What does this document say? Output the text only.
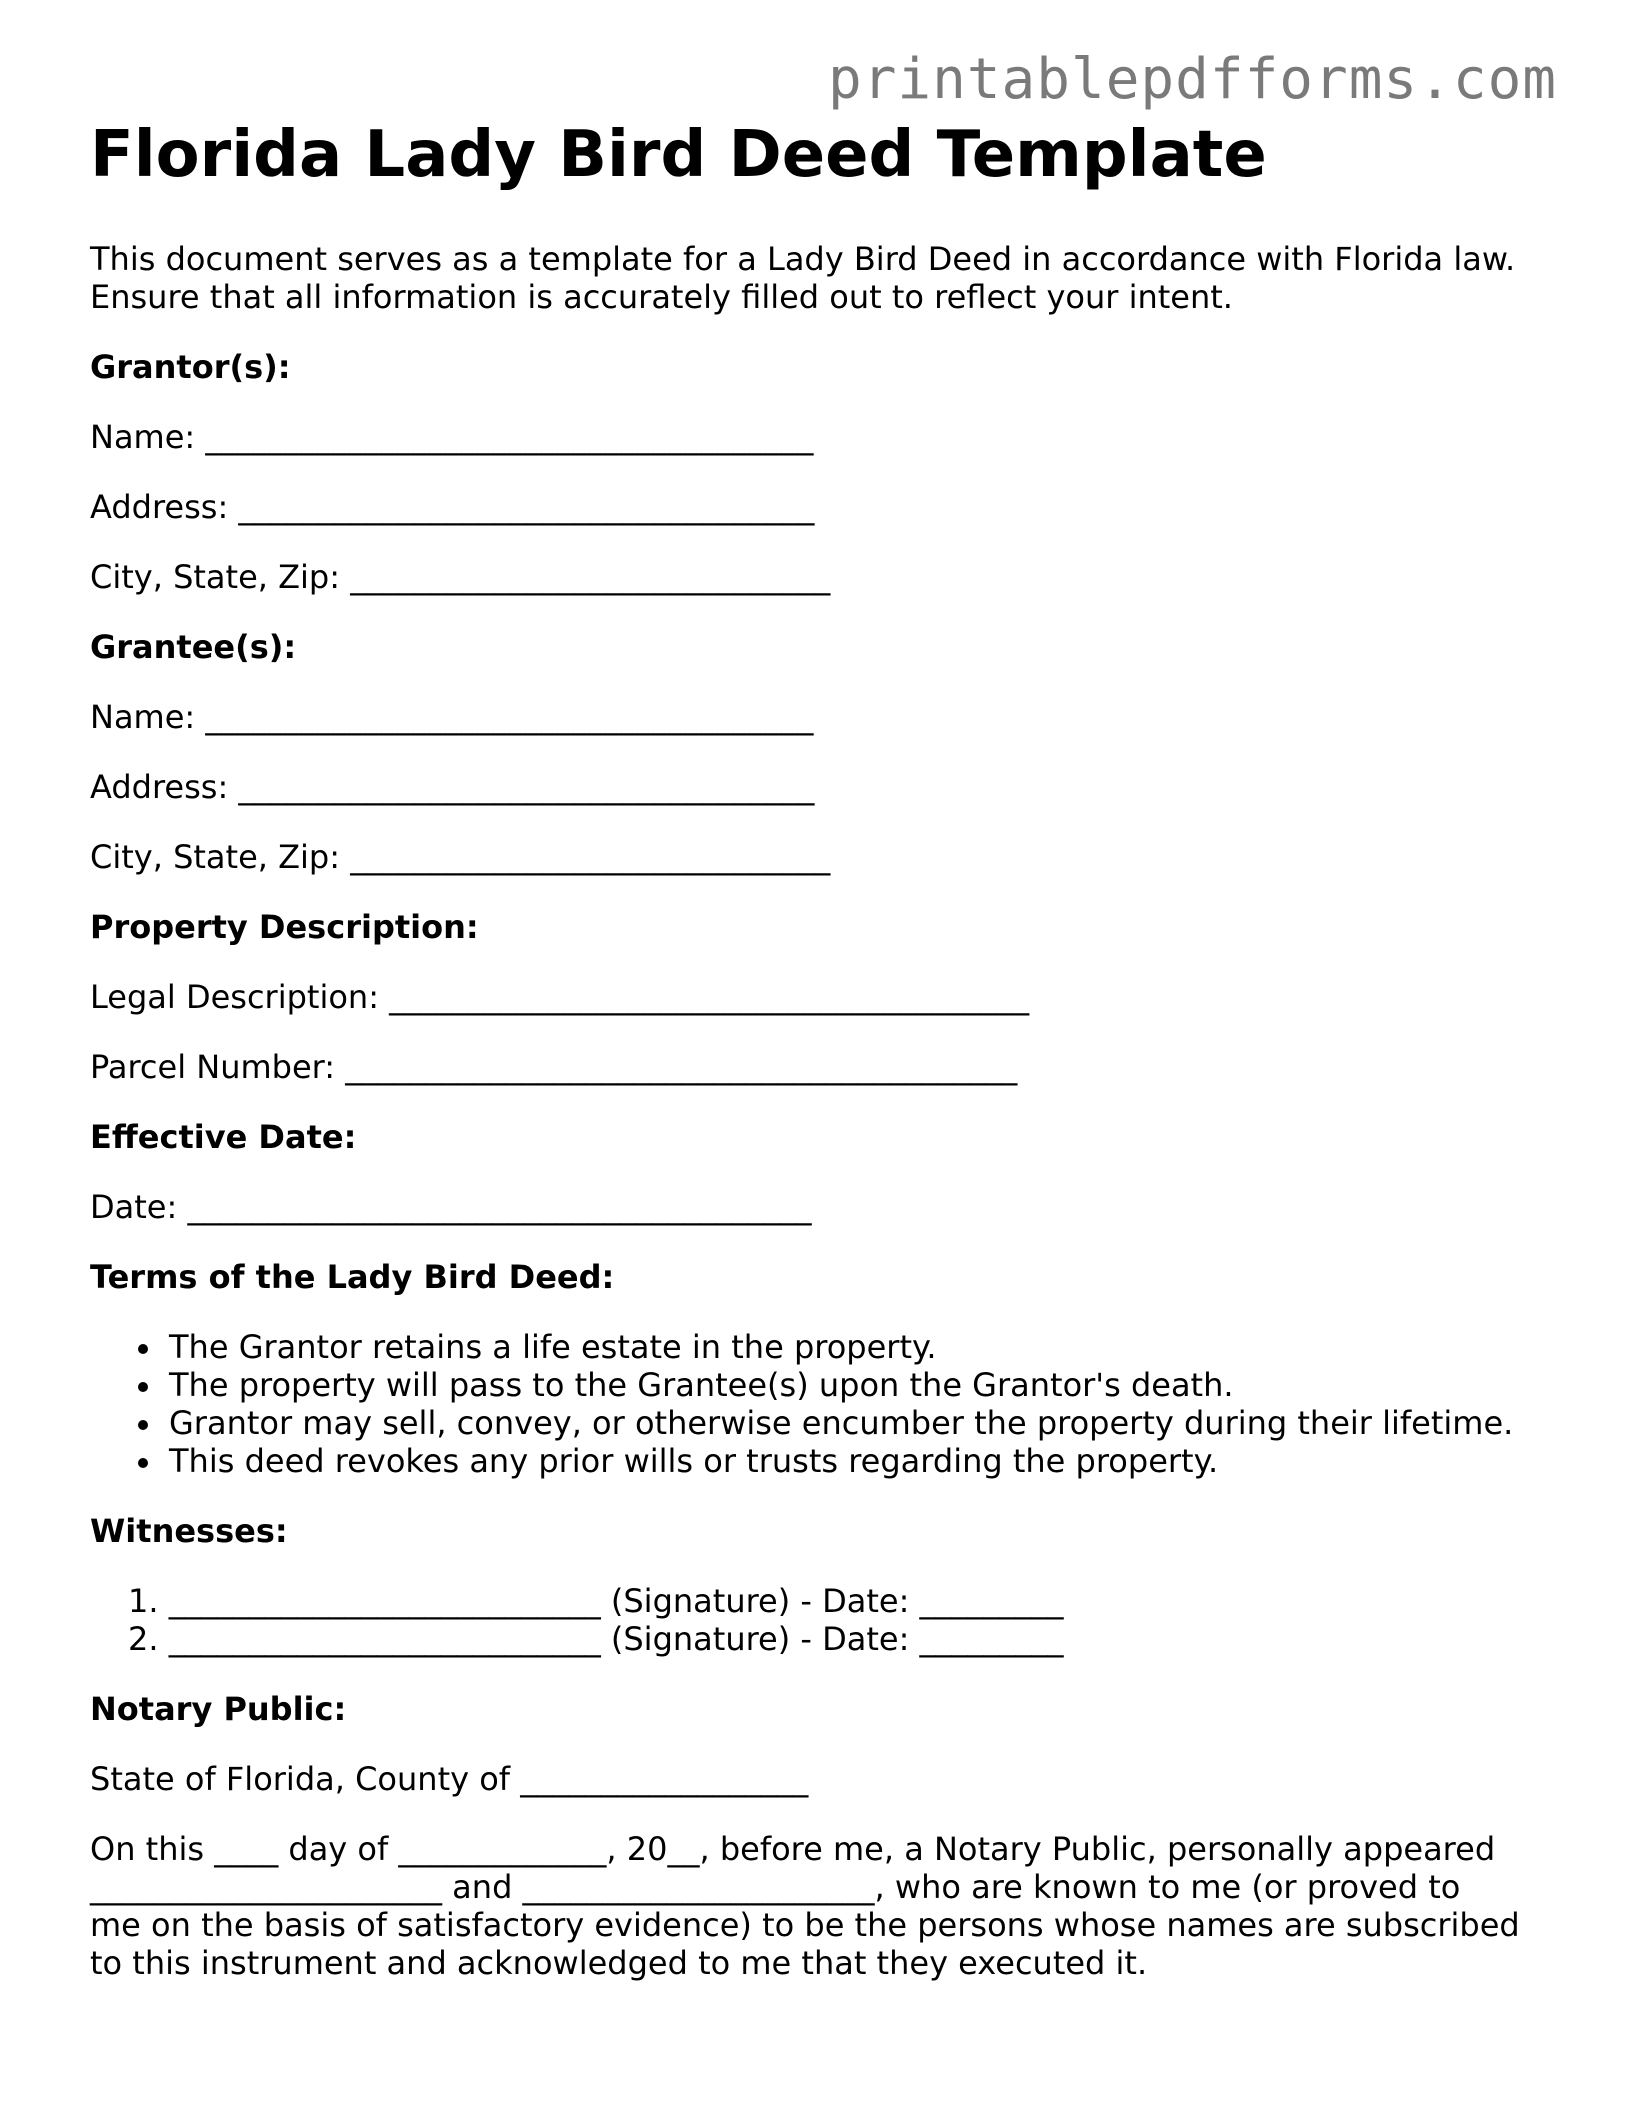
printablepdfforms.com
Florida Lady Bird Deed Template
This document serves as a template for a Lady Bird Deed in accordance with Florida law.
Ensure that all information is accurately filled out to reflect your intent.
Grantor(s):
Name: ______________________________________
Address: ____________________________________
City, State, Zip: ______________________________
Grantee(s):
Name: ______________________________________
Address: ____________________________________
City, State, Zip: ______________________________
Property Description:
Legal Description: ________________________________________
Parcel Number: __________________________________________
Effective Date:
Date: _______________________________________
Terms of the Lady Bird Deed:
The Grantor retains a life estate in the property.
The property will pass to the Grantee(s) upon the Grantor's death.
Grantor may sell, convey, or otherwise encumber the property during their lifetime.
This deed revokes any prior wills or trusts regarding the property.
Witnesses:
1. ___________________________ (Signature) - Date: _________
2. ___________________________ (Signature) - Date: _________
Notary Public:
State of Florida, County of __________________
On this ____ day of _____________, 20__, before me, a Notary Public, personally appeared
______________________ and ______________________, who are known to me (or proved to
me on the basis of satisfactory evidence) to be the persons whose names are subscribed
to this instrument and acknowledged to me that they executed it.
